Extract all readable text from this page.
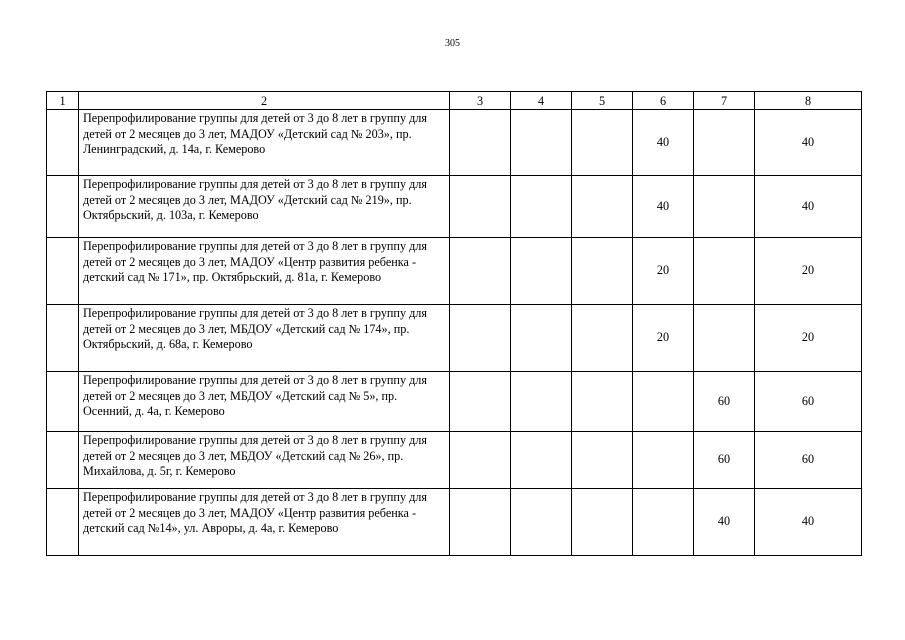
305
1	2	3	4	5	6	7	8
	Перепрофилирование группы для детей от 3 до 8 лет в группу для детей от 2 месяцев до 3 лет, МАДОУ «Детский сад № 203», пр. Ленинградский, д. 14а, г. Кемерово				40		40
	Перепрофилирование группы для детей от 3 до 8 лет в группу для детей от 2 месяцев до 3 лет, МАДОУ «Детский сад № 219», пр. Октябрьский, д. 103а, г. Кемерово				40		40
	Перепрофилирование группы для детей от 3 до 8 лет в группу для детей от 2 месяцев до 3 лет, МАДОУ «Центр развития ребенка - детский сад № 171», пр. Октябрьский, д. 81а, г. Кемерово				20		20
	Перепрофилирование группы для детей от 3 до 8 лет в группу для детей от 2 месяцев до 3 лет, МБДОУ «Детский сад № 174», пр. Октябрьский, д. 68а, г. Кемерово				20		20
	Перепрофилирование группы для детей от 3 до 8 лет в группу для детей от 2 месяцев до 3 лет, МБДОУ «Детский сад № 5», пр. Осенний, д. 4а, г. Кемерово					60	60
	Перепрофилирование группы для детей от 3 до 8 лет в группу для детей от 2 месяцев до 3 лет, МБДОУ «Детский сад № 26», пр. Михайлова, д. 5г, г. Кемерово					60	60
	Перепрофилирование группы для детей от 3 до 8 лет в группу для детей от 2 месяцев до 3 лет, МАДОУ «Центр развития ребенка - детский сад №14», ул. Авроры, д. 4а, г. Кемерово					40	40
